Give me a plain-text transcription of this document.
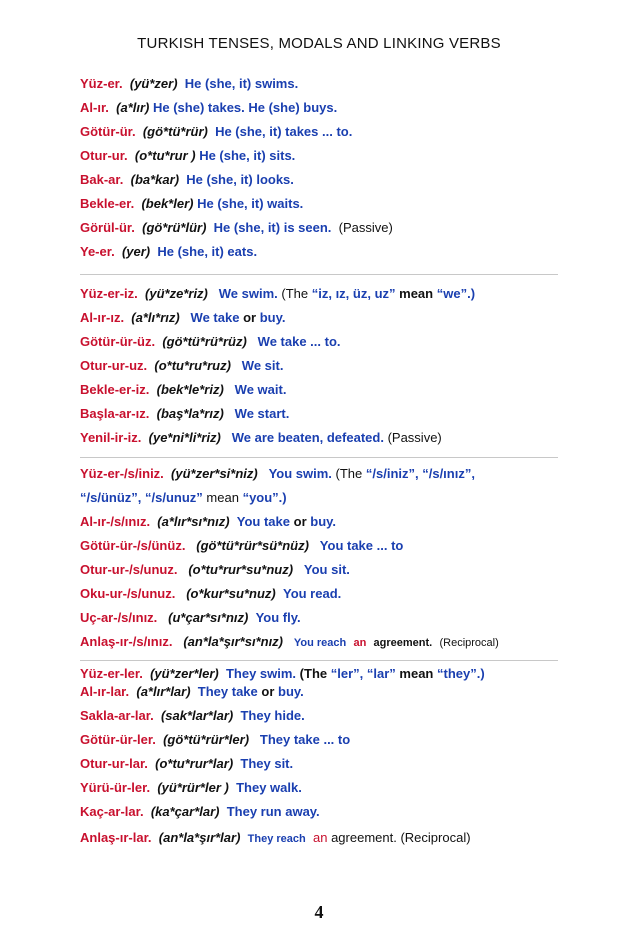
TURKISH TENSES, MODALS AND LINKING VERBS
Yüz-er. (yü*zer) He (she, it) swims.
Al-ır. (a*lır) He (she) takes. He (she) buys.
Götür-ür. (gö*tü*rür) He (she, it) takes ... to.
Otur-ur. (o*tu*rur ) He (she, it) sits.
Bak-ar. (ba*kar) He (she, it) looks.
Bekle-er. (bek*ler) He (she, it) waits.
Görül-ür. (gö*rü*lür) He (she, it) is seen. (Passive)
Ye-er. (yer) He (she, it) eats.
Yüz-er-iz. (yü*ze*riz) We swim. (The “iz, ız, üz, uz” mean “we”.)
Al-ır-ız. (a*lı*rız) We take or buy.
Götür-ür-üz. (gö*tü*rü*rüz) We take ... to.
Otur-ur-uz. (o*tu*ru*ruz) We sit.
Bekle-er-iz. (bek*le*riz) We wait.
Başla-ar-ız. (baş*la*rız) We start.
Yenil-ir-iz. (ye*ni*li*riz) We are beaten, defeated. (Passive)
Yüz-er-/s/iniz. (yü*zer*si*niz) You swim. (The “/s/iniz”, “/s/ınız”,
“/s/ünüz”, “/s/unuz” mean “you”.)
Al-ır-/s/ınız. (a*lır*sı*nız) You take or buy.
Götür-ür-/s/ünüz. (gö*tü*rür*sü*nüz) You take ... to
Otur-ur-/s/unuz. (o*tu*rur*su*nuz) You sit.
Oku-ur-/s/unuz. (o*kur*su*nuz) You read.
Uç-ar-/s/ınız. (u*çar*sı*nız) You fly.
Anlaş-ır-/s/ınız. (an*la*şır*sı*nız) You reach an agreement. (Reciprocal)
Yüz-er-ler. (yü*zer*ler) They swim. (The “ler”, “lar” mean “they”.)
Al-ır-lar. (a*lır*lar) They take or buy.
Sakla-ar-lar. (sak*lar*lar) They hide.
Götür-ür-ler. (gö*tü*rür*ler) They take ... to
Otur-ur-lar. (o*tu*rur*lar) They sit.
Yürü-ür-ler. (yü*rür*ler ) They walk.
Kaç-ar-lar. (ka*çar*lar) They run away.
Anlaş-ır-lar. (an*la*şır*lar) They reach an agreement. (Reciprocal)
4
